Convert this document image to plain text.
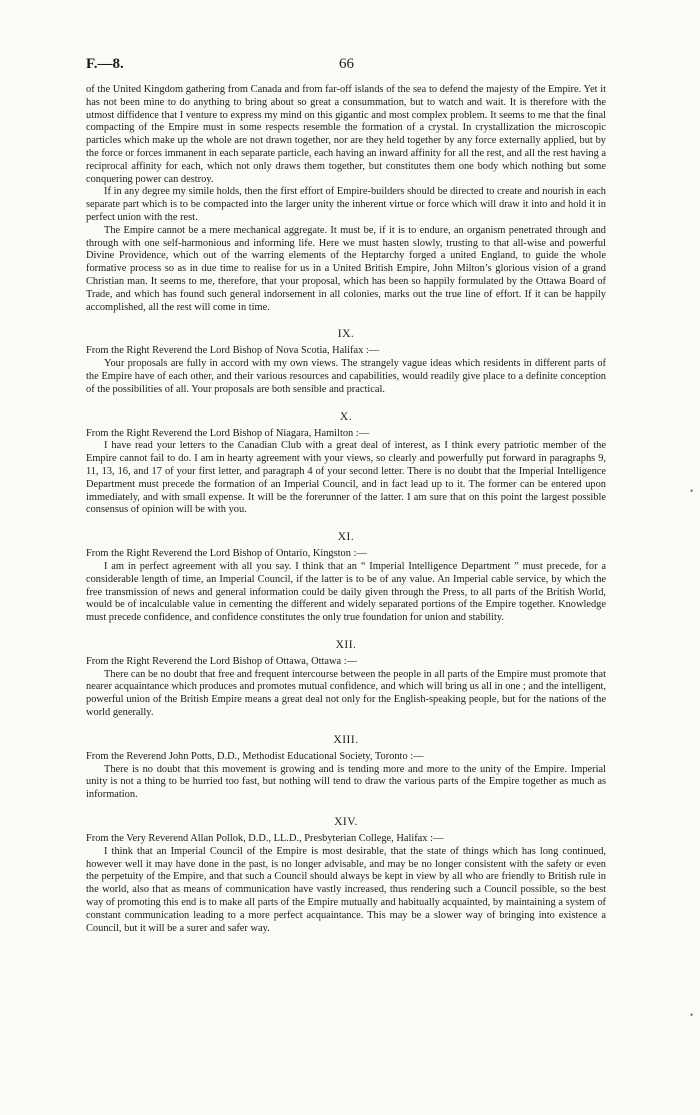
F.—8.	66

of the United Kingdom gathering from Canada and from far-off islands of the sea to defend the majesty of the Empire. Yet it has not been mine to do anything to bring about so great a consummation, but to watch and wait. It is therefore with the utmost diffidence that I venture to express my mind on this gigantic and most complex problem. It seems to me that the final compacting of the Empire must in some respects resemble the formation of a crystal. In crystallization the microscopic particles which make up the whole are not drawn together, nor are they held together by any force externally applied, but by the force or forces immanent in each separate particle, each having an inward affinity for all the rest, and all the rest having a reciprocal affinity for each, which not only draws them together, but constitutes them one body which nothing but some conquering power can destroy.

If in any degree my simile holds, then the first effort of Empire-builders should be directed to create and nourish in each separate part which is to be compacted into the larger unity the inherent virtue or force which will draw it into and hold it in perfect union with the rest.

The Empire cannot be a mere mechanical aggregate. It must be, if it is to endure, an organism penetrated through and through with one self-harmonious and informing life. Here we must hasten slowly, trusting to that all-wise and powerful Divine Providence, which out of the warring elements of the Heptarchy forged a united England, to guide the whole formative process so as in due time to realise for us in a United British Empire, John Milton’s glorious vision of a grand Christian man. It seems to me, therefore, that your proposal, which has been so happily formulated by the Ottawa Board of Trade, and which has found such general indorsement in all colonies, marks out the true line of effort. If it can be happily accomplished, all the rest will come in time.

IX.

From the Right Reverend the Lord Bishop of Nova Scotia, Halifax :—

Your proposals are fully in accord with my own views. The strangely vague ideas which residents in different parts of the Empire have of each other, and their various resources and capabilities, would readily give place to a definite conception of the possibilities of all. Your proposals are both sensible and practical.

X.

From the Right Reverend the Lord Bishop of Niagara, Hamilton :—

I have read your letters to the Canadian Club with a great deal of interest, as I think every patriotic member of the Empire cannot fail to do. I am in hearty agreement with your views, so clearly and powerfully put forward in paragraphs 9, 11, 13, 16, and 17 of your first letter, and paragraph 4 of your second letter. There is no doubt that the Imperial Intelligence Department must precede the formation of an Imperial Council, and in fact lead up to it. The former can be entered upon immediately, and with small expense. It will be the forerunner of the latter. I am sure that on this point the largest possible consensus of opinion will be with you.

XI.

From the Right Reverend the Lord Bishop of Ontario, Kingston :—

I am in perfect agreement with all you say. I think that an “ Imperial Intelligence Department ” must precede, for a considerable length of time, an Imperial Council, if the latter is to be of any value. An Imperial cable service, by which the free transmission of news and general information could be daily given through the Press, to all parts of the British World, would be of incalculable value in cementing the different and widely separated portions of the Empire together. Knowledge must precede confidence, and confidence constitutes the only true foundation for union and stability.

XII.

From the Right Reverend the Lord Bishop of Ottawa, Ottawa :—

There can be no doubt that free and frequent intercourse between the people in all parts of the Empire must promote that nearer acquaintance which produces and promotes mutual confidence, and which will bring us all in one ; and the intelligent, powerful union of the British Empire means a great deal not only for the English-speaking people, but for the nations of the world generally.

XIII.

From the Reverend John Potts, D.D., Methodist Educational Society, Toronto :—

There is no doubt that this movement is growing and is tending more and more to the unity of the Empire. Imperial unity is not a thing to be hurried too fast, but nothing will tend to draw the various parts of the Empire together as much as information.

XIV.

From the Very Reverend Allan Pollok, D.D., LL.D., Presbyterian College, Halifax :—

I think that an Imperial Council of the Empire is most desirable, that the state of things which has long continued, however well it may have done in the past, is no longer advisable, and may be no longer consistent with the safety or even the perpetuity of the Empire, and that such a Council should always be kept in view by all who are friendly to British rule in the world, also that as means of communication have vastly increased, thus rendering such a Council possible, so the best way of promoting this end is to make all parts of the Empire mutually and habitually acquainted, by maintaining a system of constant communication leading to a more perfect acquaintance. This may be a slower way of bringing into existence a Council, but it will be a surer and safer way.

•
•
